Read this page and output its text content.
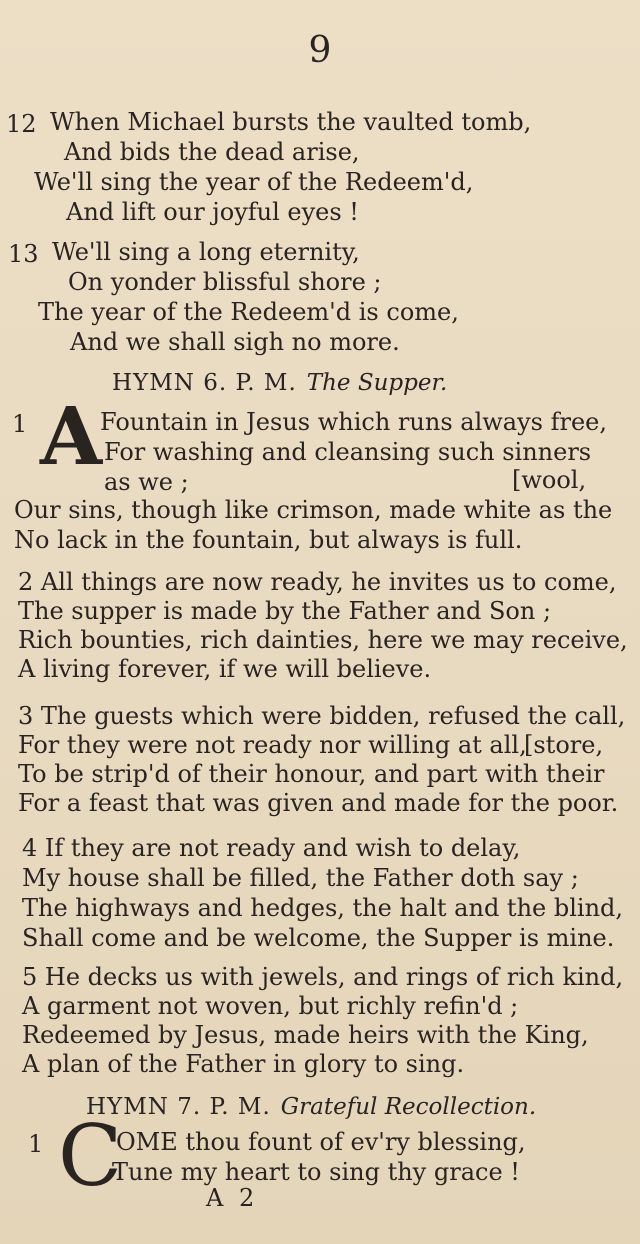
9
12 When Michael bursts the vaulted tomb,
And bids the dead arise,
We'll sing the year of the Redeem'd,
And lift our joyful eyes !
13 We'll sing a long eternity,
On yonder blissful shore ;
The year of the Redeem'd is come,
And we shall sigh no more.
HYMN 6. P. M. The Supper.
1 A
Fountain in Jesus which runs always free,
For washing and cleansing such sinners
as we ;	[wool,
Our sins, though like crimson, made white as the
No lack in the fountain, but always is full.
2 All things are now ready, he invites us to come,
The supper is made by the Father and Son ;
Rich bounties, rich dainties, here we may receive,
A living forever, if we will believe.
3 The guests which were bidden, refused the call,
For they were not ready nor willing at all,
[store,
To be strip'd of their honour, and part with their
For a feast that was given and made for the poor.
4 If they are not ready and wish to delay,
My house shall be filled, the Father doth say ;
The highways and hedges, the halt and the blind,
Shall come and be welcome, the Supper is mine.
5 He decks us with jewels, and rings of rich kind,
A garment not woven, but richly refin'd ;
Redeemed by Jesus, made heirs with the King,
A plan of the Father in glory to sing.
HYMN 7. P. M. Grateful Recollection.
1 C
OME thou fount of ev'ry blessing,
Tune my heart to sing thy grace !
A 2
